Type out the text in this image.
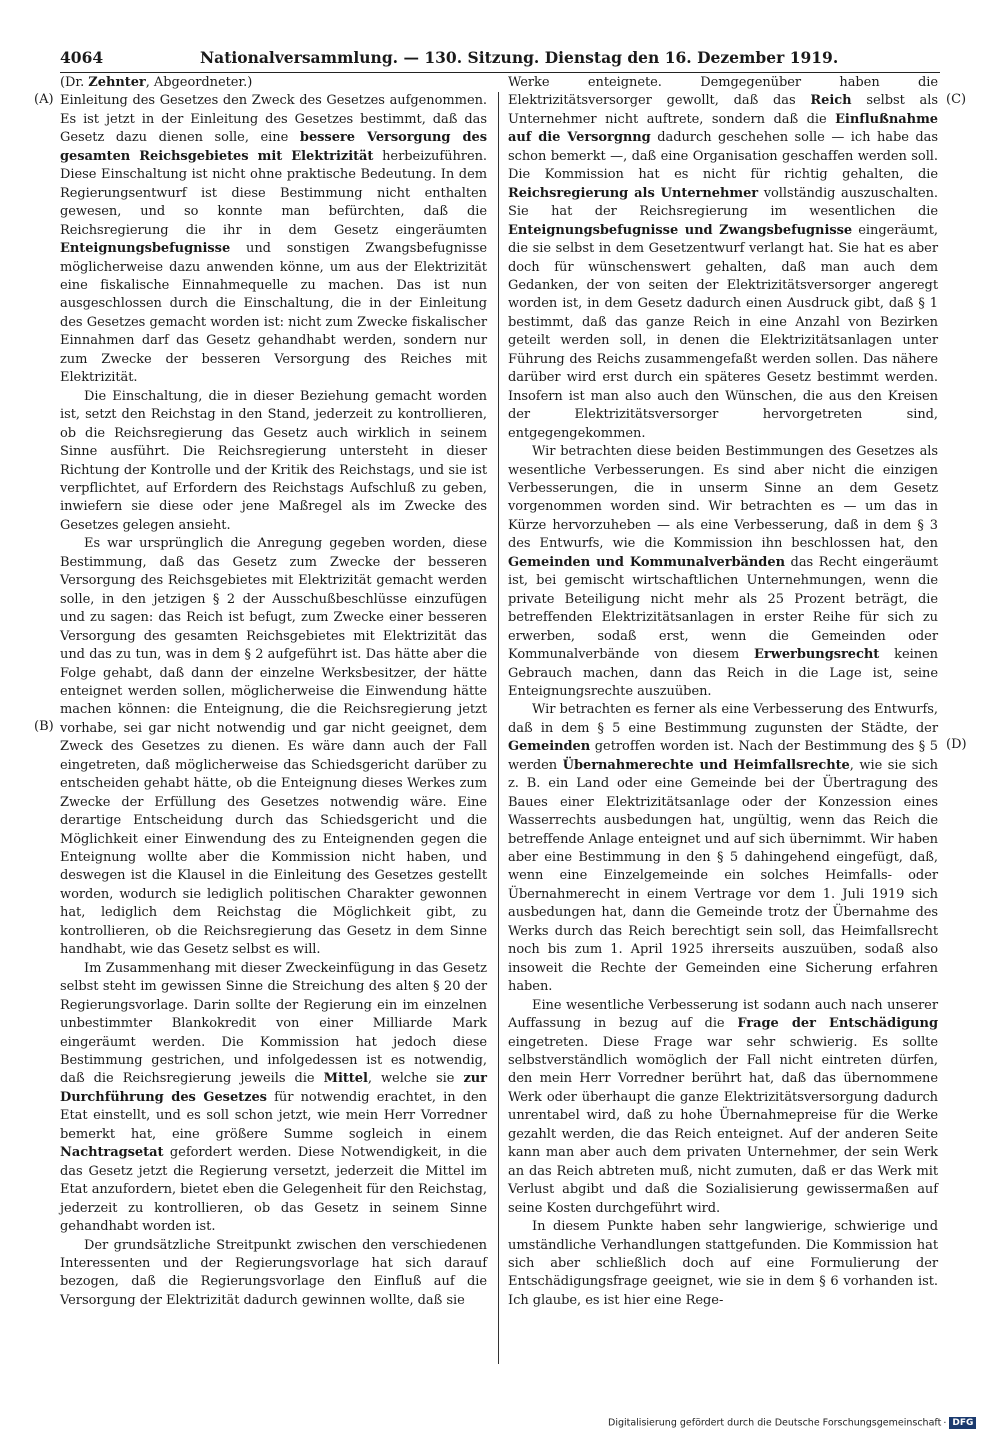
4064	Nationalversammlung. — 130. Sitzung. Dienstag den 16. Dezember 1919.
(A)
(B)
(C)
(D)

(Dr. Zehnter, Abgeordneter.)

Einleitung des Gesetzes den Zweck des Gesetzes aufgenommen. Es ist jetzt in der Einleitung des Gesetzes bestimmt, daß das Gesetz dazu dienen solle, eine bessere Versorgung des gesamten Reichsgebietes mit Elektrizität herbeizuführen. Diese Einschaltung ist nicht ohne praktische Bedeutung. In dem Regierungsentwurf ist diese Bestimmung nicht enthalten gewesen, und so konnte man befürchten, daß die Reichsregierung die ihr in dem Gesetz eingeräumten Enteignungsbefugnisse und sonstigen Zwangsbefugnisse möglicherweise dazu anwenden könne, um aus der Elektrizität eine fiskalische Einnahmequelle zu machen. Das ist nun ausgeschlossen durch die Einschaltung, die in der Einleitung des Gesetzes gemacht worden ist: nicht zum Zwecke fiskalischer Einnahmen darf das Gesetz gehandhabt werden, sondern nur zum Zwecke der besseren Versorgung des Reiches mit Elektrizität.

Die Einschaltung, die in dieser Beziehung gemacht worden ist, setzt den Reichstag in den Stand, jederzeit zu kontrollieren, ob die Reichsregierung das Gesetz auch wirklich in seinem Sinne ausführt. Die Reichsregierung untersteht in dieser Richtung der Kontrolle und der Kritik des Reichstags, und sie ist verpflichtet, auf Erfordern des Reichstags Aufschluß zu geben, inwiefern sie diese oder jene Maßregel als im Zwecke des Gesetzes gelegen ansieht.

Es war ursprünglich die Anregung gegeben worden, diese Bestimmung, daß das Gesetz zum Zwecke der besseren Versorgung des Reichsgebietes mit Elektrizität gemacht werden solle, in den jetzigen § 2 der Ausschußbeschlüsse einzufügen und zu sagen: das Reich ist befugt, zum Zwecke einer besseren Versorgung des gesamten Reichsgebietes mit Elektrizität das und das zu tun, was in dem § 2 aufgeführt ist. Das hätte aber die Folge gehabt, daß dann der einzelne Werksbesitzer, der hätte enteignet werden sollen, möglicherweise die Einwendung hätte machen können: die Enteignung, die die Reichsregierung jetzt vorhabe, sei gar nicht notwendig und gar nicht geeignet, dem Zweck des Gesetzes zu dienen. Es wäre dann auch der Fall eingetreten, daß möglicherweise das Schiedsgericht darüber zu entscheiden gehabt hätte, ob die Enteignung dieses Werkes zum Zwecke der Erfüllung des Gesetzes notwendig wäre. Eine derartige Entscheidung durch das Schiedsgericht und die Möglichkeit einer Einwendung des zu Enteignenden gegen die Enteignung wollte aber die Kommission nicht haben, und deswegen ist die Klausel in die Einleitung des Gesetzes gestellt worden, wodurch sie lediglich politischen Charakter gewonnen hat, lediglich dem Reichstag die Möglichkeit gibt, zu kontrollieren, ob die Reichsregierung das Gesetz in dem Sinne handhabt, wie das Gesetz selbst es will.

Im Zusammenhang mit dieser Zweckeinfügung in das Gesetz selbst steht im gewissen Sinne die Streichung des alten § 20 der Regierungsvorlage. Darin sollte der Regierung ein im einzelnen unbestimmter Blankokredit von einer Milliarde Mark eingeräumt werden. Die Kommission hat jedoch diese Bestimmung gestrichen, und infolgedessen ist es notwendig, daß die Reichsregierung jeweils die Mittel, welche sie zur Durchführung des Gesetzes für notwendig erachtet, in den Etat einstellt, und es soll schon jetzt, wie mein Herr Vorredner bemerkt hat, eine größere Summe sogleich in einem Nachtragsetat gefordert werden. Diese Notwendigkeit, in die das Gesetz jetzt die Regierung versetzt, jederzeit die Mittel im Etat anzufordern, bietet eben die Gelegenheit für den Reichstag, jederzeit zu kontrollieren, ob das Gesetz in seinem Sinne gehandhabt worden ist.

Der grundsätzliche Streitpunkt zwischen den verschiedenen Interessenten und der Regierungsvorlage hat sich darauf bezogen, daß die Regierungsvorlage den Einfluß auf die Versorgung der Elektrizität dadurch gewinnen wollte, daß sie

Werke enteignete. Demgegenüber haben die Elektrizitätsversorger gewollt, daß das Reich selbst als Unternehmer nicht auftrete, sondern daß die Einflußnahme auf die Versorgnng dadurch geschehen solle — ich habe das schon bemerkt —, daß eine Organisation geschaffen werden soll. Die Kommission hat es nicht für richtig gehalten, die Reichsregierung als Unternehmer vollständig auszuschalten. Sie hat der Reichsregierung im wesentlichen die Enteignungsbefugnisse und Zwangsbefugnisse eingeräumt, die sie selbst in dem Gesetzentwurf verlangt hat. Sie hat es aber doch für wünschenswert gehalten, daß man auch dem Gedanken, der von seiten der Elektrizitätsversorger angeregt worden ist, in dem Gesetz dadurch einen Ausdruck gibt, daß § 1 bestimmt, daß das ganze Reich in eine Anzahl von Bezirken geteilt werden soll, in denen die Elektrizitätsanlagen unter Führung des Reichs zusammengefaßt werden sollen. Das nähere darüber wird erst durch ein späteres Gesetz bestimmt werden. Insofern ist man also auch den Wünschen, die aus den Kreisen der Elektrizitätsversorger hervorgetreten sind, entgegengekommen.

Wir betrachten diese beiden Bestimmungen des Gesetzes als wesentliche Verbesserungen. Es sind aber nicht die einzigen Verbesserungen, die in unserm Sinne an dem Gesetz vorgenommen worden sind. Wir betrachten es — um das in Kürze hervorzuheben — als eine Verbesserung, daß in dem § 3 des Entwurfs, wie die Kommission ihn beschlossen hat, den Gemeinden und Kommunalverbänden das Recht eingeräumt ist, bei gemischt wirtschaftlichen Unternehmungen, wenn die private Beteiligung nicht mehr als 25 Prozent beträgt, die betreffenden Elektrizitätsanlagen in erster Reihe für sich zu erwerben, sodaß erst, wenn die Gemeinden oder Kommunalverbände von diesem Erwerbungsrecht keinen Gebrauch machen, dann das Reich in die Lage ist, seine Enteignungsrechte auszuüben.

Wir betrachten es ferner als eine Verbesserung des Entwurfs, daß in dem § 5 eine Bestimmung zugunsten der Städte, der Gemeinden getroffen worden ist. Nach der Bestimmung des § 5 werden Übernahmerechte und Heimfallsrechte, wie sie sich z. B. ein Land oder eine Gemeinde bei der Übertragung des Baues einer Elektrizitätsanlage oder der Konzession eines Wasserrechts ausbedungen hat, ungültig, wenn das Reich die betreffende Anlage enteignet und auf sich übernimmt. Wir haben aber eine Bestimmung in den § 5 dahingehend eingefügt, daß, wenn eine Einzelgemeinde ein solches Heimfalls- oder Übernahmerecht in einem Vertrage vor dem 1. Juli 1919 sich ausbedungen hat, dann die Gemeinde trotz der Übernahme des Werks durch das Reich berechtigt sein soll, das Heimfallsrecht noch bis zum 1. April 1925 ihrerseits auszuüben, sodaß also insoweit die Rechte der Gemeinden eine Sicherung erfahren haben.

Eine wesentliche Verbesserung ist sodann auch nach unserer Auffassung in bezug auf die Frage der Entschädigung eingetreten. Diese Frage war sehr schwierig. Es sollte selbstverständlich womöglich der Fall nicht eintreten dürfen, den mein Herr Vorredner berührt hat, daß das übernommene Werk oder überhaupt die ganze Elektrizitätsversorgung dadurch unrentabel wird, daß zu hohe Übernahmepreise für die Werke gezahlt werden, die das Reich enteignet. Auf der anderen Seite kann man aber auch dem privaten Unternehmer, der sein Werk an das Reich abtreten muß, nicht zumuten, daß er das Werk mit Verlust abgibt und daß die Sozialisierung gewissermaßen auf seine Kosten durchgeführt wird.

In diesem Punkte haben sehr langwierige, schwierige und umständliche Verhandlungen stattgefunden. Die Kommission hat sich aber schließlich doch auf eine Formulierung der Entschädigungsfrage geeignet, wie sie in dem § 6 vorhanden ist. Ich glaube, es ist hier eine Rege-

Digitalisierung gefördert durch die Deutsche Forschungsgemeinschaft · DFG
